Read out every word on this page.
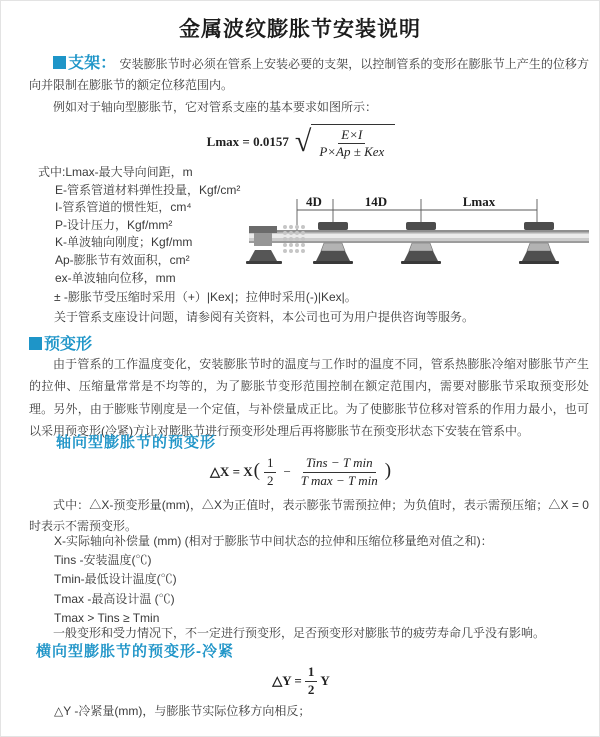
金属波纹膨胀节安装说明

支架： 安装膨胀节时必须在管系上安装必要的支架，以控制管系的变形在膨胀节上产生的位移方向并限制在膨胀节的额定位移范围内。

例如对于轴向型膨胀节，它对管系支座的基本要求如图所示：

Lmax = 0.0157 √ $\frac{E\times I}{\text{P×Ap ± Kex}}$
式中:Lmax-最大导向间距，m
E-管系管道材料弹性投量，Kgf/cm²
I-管系管道的惯性矩，cm⁴
P-设计压力，Kgf/mm²
K-单波轴向刚度；Kgf/mm
Ap-膨胀节有效面积，cm²
ex-单波轴向位移，mm
4D	14D	Lmax
± -膨胀节受压缩时采用（+）|Kex|；拉伸时采用(-)|Kex|。
关于管系支座设计问题，请参阅有关资料，本公司也可为用户提供咨询等服务。
预变形

由于管系的工作温度变化，安装膨胀节时的温度与工作时的温度不同，管系热膨胀冷缩对膨胀节产生的拉伸、压缩量常常是不均等的，为了膨胀节变形范围控制在额定范围内，需要对膨胀节采取预变形处理。另外，由于膨账节刚度是一个定值，与补偿量成正比。为了使膨胀节位移对管系的作用力最小，也可以采用预变形(冷紧)方让对膨胀节进行预变形处理后再将膨胀节在预变形状态下安装在管系中。

轴向型膨胀节的预变形
△X = X ( $\frac{1}{2} - \frac{\text{Tins − T min}}{\text{T max − T min}}$ )

式中：△X-预变形量(mm)，△X为正值时，表示膨张节需预拉伸；为负值时，表示需预压缩；△X = 0时表示不需预变形。

X-实际轴向补偿量 (mm) (相对于膨胀节中间状态的拉伸和压缩位移量绝对值之和)：
Tins -安装温度(℃)
Tmin-最低设计温度(℃)
Tmax -最高设计温 (℃)
Tmax > Tins ≥ Tmin

一般变形和受力情况下，不一定进行预变形，足否预变形对膨胀节的疲劳寿命几乎没有影响。

横向型膨胀节的预变形-冷紧
△Y = $\frac{1}{2}$ Y
△Y -冷紧量(mm)，与膨胀节实际位移方向相反；
